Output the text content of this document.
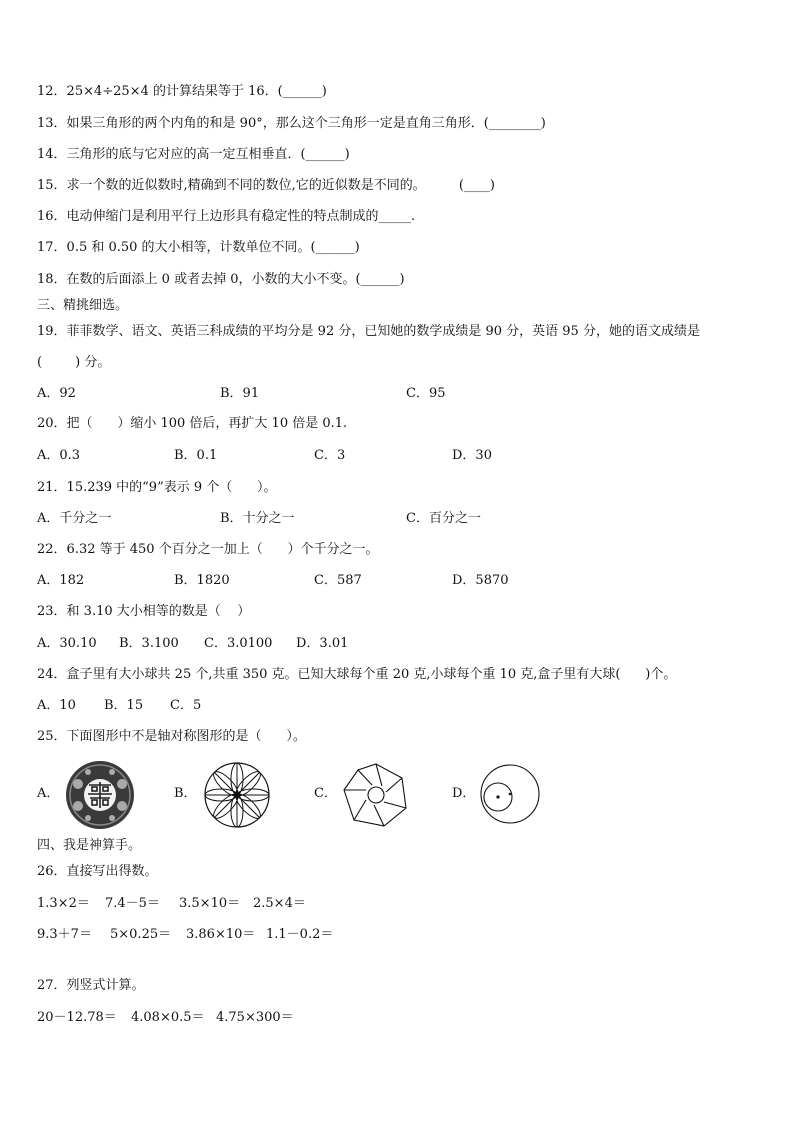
12．25×4÷25×4 的计算结果等于 16．(______)
13．如果三角形的两个内角的和是 90°，那么这个三角形一定是直角三角形．(________)
14．三角形的底与它对应的高一定互相垂直．(______)
15．求一个数的近似数时,精确到不同的数位,它的近似数是不同的。        (____)
16．电动伸缩门是利用平行上边形具有稳定性的特点制成的_____.
17．0.5 和 0.50 的大小相等，计数单位不同。(______)
18．在数的后面添上 0 或者去掉 0，小数的大小不变。(______)
三、精挑细选。
19．菲菲数学、语文、英语三科成绩的平均分是 92 分，已知她的数学成绩是 90 分，英语 95 分，她的语文成绩是
(        ) 分。
A．92	B．91	C．95
20．把（      ）缩小 100 倍后，再扩大 10 倍是 0.1.
A．0.3	B．0.1	C．3	D．30
21．15.239 中的“9”表示 9 个（      ）。
A．千分之一	B．十分之一	C．百分之一
22．6.32 等于 450 个百分之一加上（      ）个千分之一。
A．182	B．1820	C．587	D．5870
23．和 3.10 大小相等的数是（    ）
A．30.10 B．3.100 C．3.0100 D．3.01
24．盒子里有大小球共 25 个,共重 350 克。已知大球每个重 20 克,小球每个重 10 克,盒子里有大球(      )个。
A．10 B．15 C．5
25．下面图形中不是轴对称图形的是（      ）。
A．	B．	C．	D．
四、我是神算手。
26．直接写出得数。
1.3×2＝ 7.4－5＝ 3.5×10＝ 2.5×4＝
9.3＋7＝ 5×0.25＝ 3.86×10＝ 1.1－0.2＝
27．列竖式计算。
20－12.78＝ 4.08×0.5＝ 4.75×300＝
